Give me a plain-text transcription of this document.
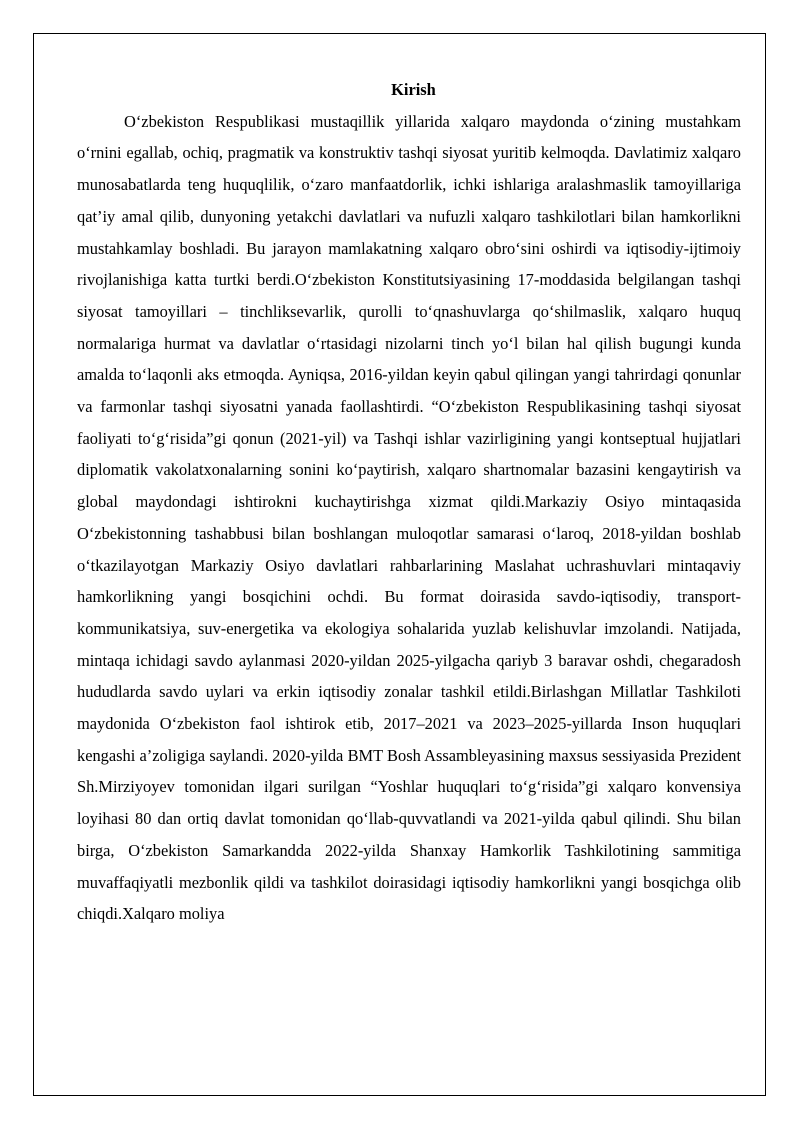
Kirish

O‘zbekiston Respublikasi mustaqillik yillarida xalqaro maydonda o‘zining mustahkam o‘rnini egallab, ochiq, pragmatik va konstruktiv tashqi siyosat yuritib kelmoqda. Davlatimiz xalqaro munosabatlarda teng huquqlilik, o‘zaro manfaatdorlik, ichki ishlariga aralashmaslik tamoyillariga qat’iy amal qilib, dunyoning yetakchi davlatlari va nufuzli xalqaro tashkilotlari bilan hamkorlikni mustahkamlay boshladi. Bu jarayon mamlakatning xalqaro obro‘sini oshirdi va iqtisodiy-ijtimoiy rivojlanishiga katta turtki berdi.O‘zbekiston Konstitutsiyasining 17-moddasida belgilangan tashqi siyosat tamoyillari – tinchliksevarlik, qurolli to‘qnashuvlarga qo‘shilmaslik, xalqaro huquq normalariga hurmat va davlatlar o‘rtasidagi nizolarni tinch yo‘l bilan hal qilish bugungi kunda amalda to‘laqonli aks etmoqda. Ayniqsa, 2016-yildan keyin qabul qilingan yangi tahrirdagi qonunlar va farmonlar tashqi siyosatni yanada faollashtirdi. “O‘zbekiston Respublikasining tashqi siyosat faoliyati to‘g‘risida”gi qonun (2021-yil) va Tashqi ishlar vazirligining yangi kontseptual hujjatlari diplomatik vakolatxonalarning sonini ko‘paytirish, xalqaro shartnomalar bazasini kengaytirish va global maydondagi ishtirokni kuchaytirishga xizmat qildi.Markaziy Osiyo mintaqasida O‘zbekistonning tashabbusi bilan boshlangan muloqotlar samarasi o‘laroq, 2018-yildan boshlab o‘tkazilayotgan Markaziy Osiyo davlatlari rahbarlarining Maslahat uchrashuvlari mintaqaviy hamkorlikning yangi bosqichini ochdi. Bu format doirasida savdo-iqtisodiy, transport-kommunikatsiya, suv-energetika va ekologiya sohalarida yuzlab kelishuvlar imzolandi. Natijada, mintaqa ichidagi savdo aylanmasi 2020-yildan 2025-yilgacha qariyb 3 baravar oshdi, chegaradosh hududlarda savdo uylari va erkin iqtisodiy zonalar tashkil etildi.Birlashgan Millatlar Tashkiloti maydonida O‘zbekiston faol ishtirok etib, 2017–2021 va 2023–2025-yillarda Inson huquqlari kengashi a’zoligiga saylandi. 2020-yilda BMT Bosh Assambleyasining maxsus sessiyasida Prezident Sh.Mirziyoyev tomonidan ilgari surilgan “Yoshlar huquqlari to‘g‘risida”gi xalqaro konvensiya loyihasi 80 dan ortiq davlat tomonidan qo‘llab-quvvatlandi va 2021-yilda qabul qilindi. Shu bilan birga, O‘zbekiston Samarkandda 2022-yilda Shanxay Hamkorlik Tashkilotining sammitiga muvaffaqiyatli mezbonlik qildi va tashkilot doirasidagi iqtisodiy hamkorlikni yangi bosqichga olib chiqdi.Xalqaro moliya
